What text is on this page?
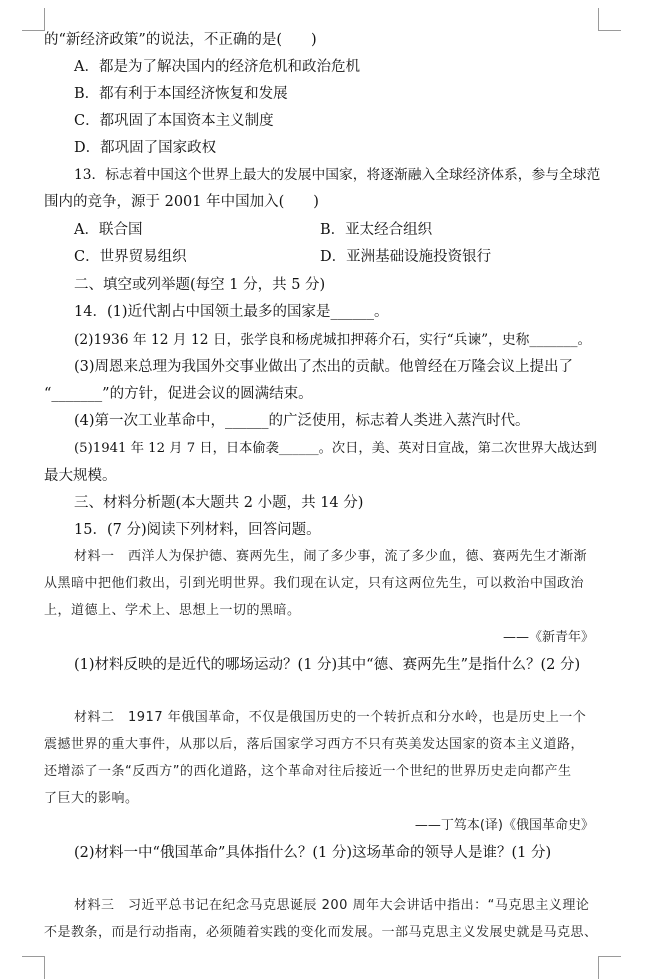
的“新经济政策”的说法，不正确的是(　　)
A．都是为了解决国内的经济危机和政治危机
B．都有利于本国经济恢复和发展
C．都巩固了本国资本主义制度
D．都巩固了国家政权
13．标志着中国这个世界上最大的发展中国家，将逐渐融入全球经济体系，参与全球范
围内的竞争，源于 2001 年中国加入(　　)
A．联合国	B．亚太经合组织
C．世界贸易组织	D．亚洲基础设施投资银行
二、填空或列举题(每空 1 分，共 5 分)
14．(1)近代割占中国领土最多的国家是______。
(2)1936 年 12 月 12 日，张学良和杨虎城扣押蒋介石，实行“兵谏”，史称_______。
(3)周恩来总理为我国外交事业做出了杰出的贡献。他曾经在万隆会议上提出了
“_______”的方针，促进会议的圆满结束。
(4)第一次工业革命中，______的广泛使用，标志着人类进入蒸汽时代。
(5)1941 年 12 月 7 日，日本偷袭______。次日，美、英对日宣战，第二次世界大战达到
最大规模。
三、材料分析题(本大题共 2 小题，共 14 分)
15．(7 分)阅读下列材料，回答问题。
材料一　西洋人为保护德、赛两先生，闹了多少事，流了多少血，德、赛两先生才渐渐
从黑暗中把他们救出，引到光明世界。我们现在认定，只有这两位先生，可以救治中国政治
上，道德上、学术上、思想上一切的黑暗。
——《新青年》
(1)材料反映的是近代的哪场运动？(1 分)其中“德、赛两先生”是指什么？(2 分)
材料二　1917 年俄国革命，不仅是俄国历史的一个转折点和分水岭，也是历史上一个
震撼世界的重大事件，从那以后，落后国家学习西方不只有英美发达国家的资本主义道路，
还增添了一条“反西方”的西化道路，这个革命对往后接近一个世纪的世界历史走向都产生
了巨大的影响。
——丁笃本(译)《俄国革命史》
(2)材料一中“俄国革命”具体指什么？(1 分)这场革命的领导人是谁？(1 分)
材料三　习近平总书记在纪念马克思诞辰 200 周年大会讲话中指出：“马克思主义理论
不是教条，而是行动指南，必须随着实践的变化而发展。一部马克思主义发展史就是马克思、
